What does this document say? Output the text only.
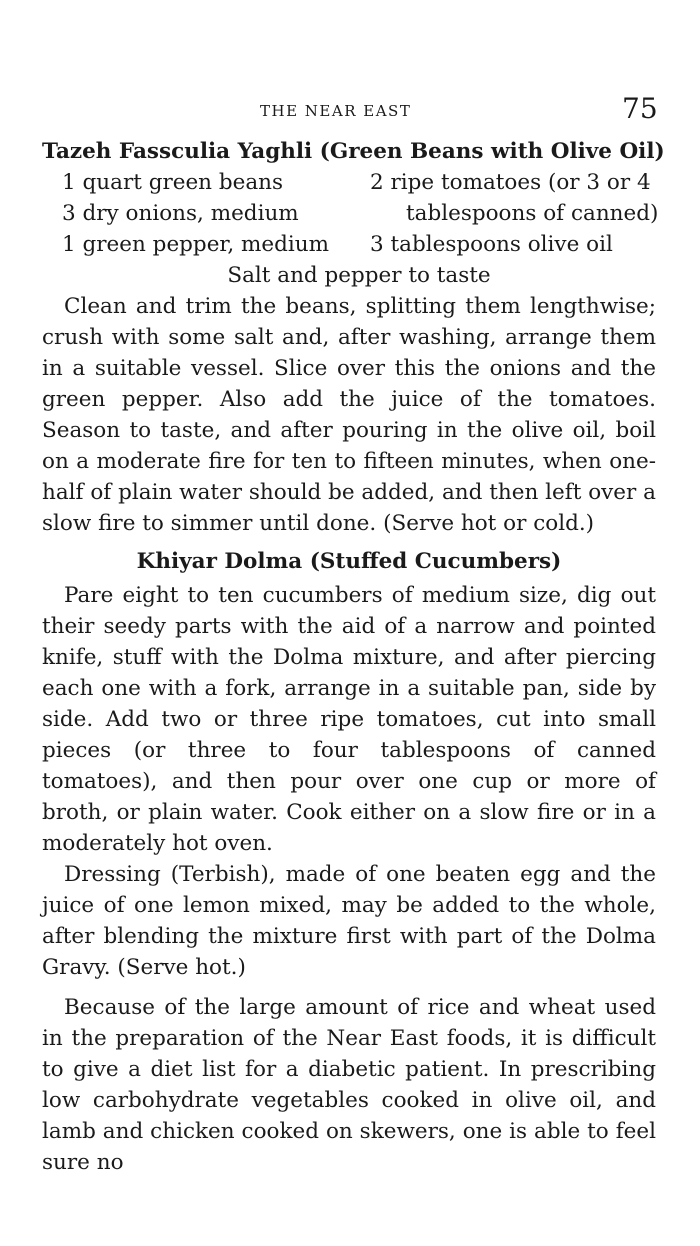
THE NEAR EAST	75
Tazeh Fassculia Yaghli (Green Beans with Olive Oil)
1 quart green beans	2 ripe tomatoes (or 3 or 4
3 dry onions, medium	tablespoons of canned)
1 green pepper, medium	3 tablespoons olive oil
Salt and pepper to taste

Clean and trim the beans, splitting them lengthwise; crush with some salt and, after washing, arrange them in a suitable vessel. Slice over this the onions and the green pepper. Also add the juice of the tomatoes. Season to taste, and after pouring in the olive oil, boil on a moderate fire for ten to fifteen minutes, when one-half of plain water should be added, and then left over a slow fire to simmer until done. (Serve hot or cold.)

Khiyar Dolma (Stuffed Cucumbers)

Pare eight to ten cucumbers of medium size, dig out their seedy parts with the aid of a narrow and pointed knife, stuff with the Dolma mixture, and after piercing each one with a fork, arrange in a suitable pan, side by side. Add two or three ripe tomatoes, cut into small pieces (or three to four tablespoons of canned tomatoes), and then pour over one cup or more of broth, or plain water. Cook either on a slow fire or in a moderately hot oven.

Dressing (Terbish), made of one beaten egg and the juice of one lemon mixed, may be added to the whole, after blending the mixture first with part of the Dolma Gravy. (Serve hot.)

Because of the large amount of rice and wheat used in the preparation of the Near East foods, it is difficult to give a diet list for a diabetic patient. In prescribing low carbohydrate vegetables cooked in olive oil, and lamb and chicken cooked on skewers, one is able to feel sure no
